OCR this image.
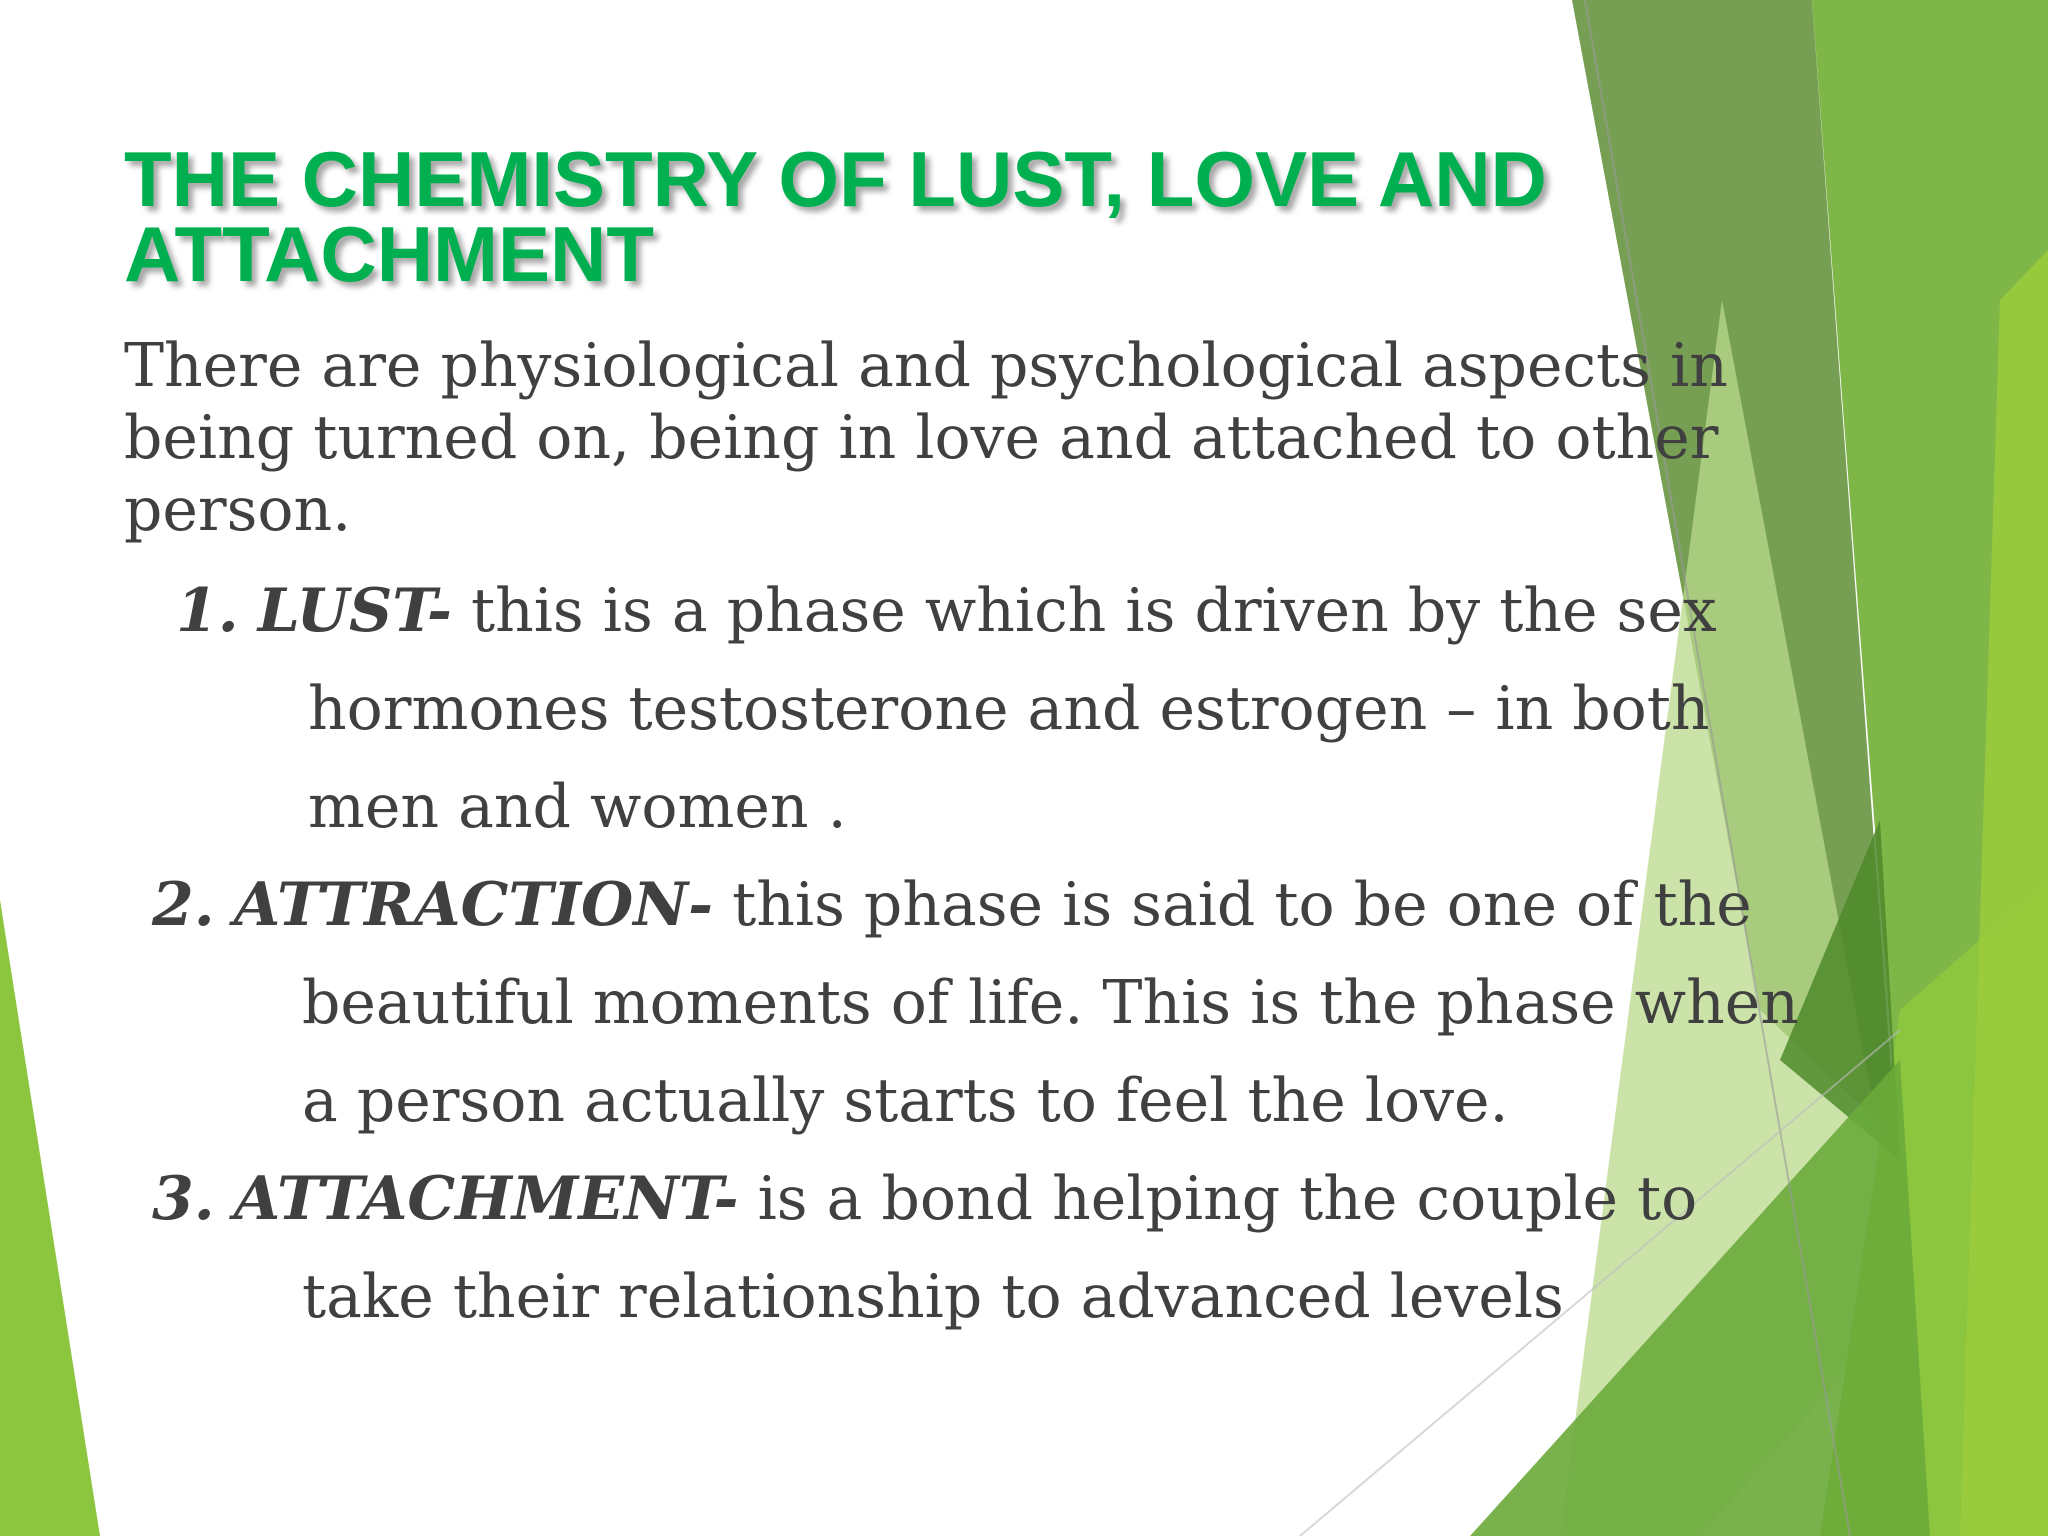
THE CHEMISTRY OF LUST, LOVE AND
ATTACHMENT

There are physiological and psychological aspects in
being turned on, being in love and attached to other
person.

1. LUST- this is a phase which is driven by the sex
hormones testosterone and estrogen – in both
men and women .
2. ATTRACTION- this phase is said to be one of the
beautiful moments of life. This is the phase when
a person actually starts to feel the love.
3. ATTACHMENT- is a bond helping the couple to
take their relationship to advanced levels
